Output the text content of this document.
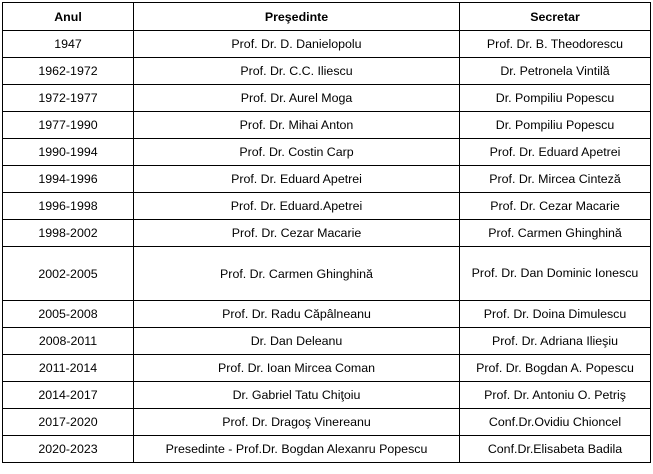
Anul	Preşedinte	Secretar
1947	Prof. Dr. D. Danielopolu	Prof. Dr. B. Theodorescu
1962-1972	Prof. Dr. C.C. Iliescu	Dr. Petronela Vintilă
1972-1977	Prof. Dr. Aurel Moga	Dr. Pompiliu Popescu
1977-1990	Prof. Dr. Mihai Anton	Dr. Pompiliu Popescu
1990-1994	Prof. Dr. Costin Carp	Prof. Dr. Eduard Apetrei
1994-1996	Prof. Dr. Eduard Apetrei	Prof. Dr. Mircea Cinteză
1996-1998	Prof. Dr. Eduard.Apetrei	Prof. Dr. Cezar Macarie
1998-2002	Prof. Dr. Cezar Macarie	Prof. Carmen Ghinghină
2002-2005	Prof. Dr. Carmen Ghinghină	Prof. Dr. Dan Dominic Ionescu
2005-2008	Prof. Dr. Radu Căpâlneanu	Prof. Dr. Doina Dimulescu
2008-2011	Dr. Dan Deleanu	Prof. Dr. Adriana Ilieşiu
2011-2014	Prof. Dr. Ioan Mircea Coman	Prof. Dr. Bogdan A. Popescu
2014-2017	Dr. Gabriel Tatu Chiţoiu	Prof. Dr. Antoniu O. Petriş
2017-2020	Prof. Dr. Dragoş Vinereanu	Conf.Dr.Ovidiu Chioncel
2020-2023	Presedinte - Prof.Dr. Bogdan Alexanru Popescu	Conf.Dr.Elisabeta Badila
